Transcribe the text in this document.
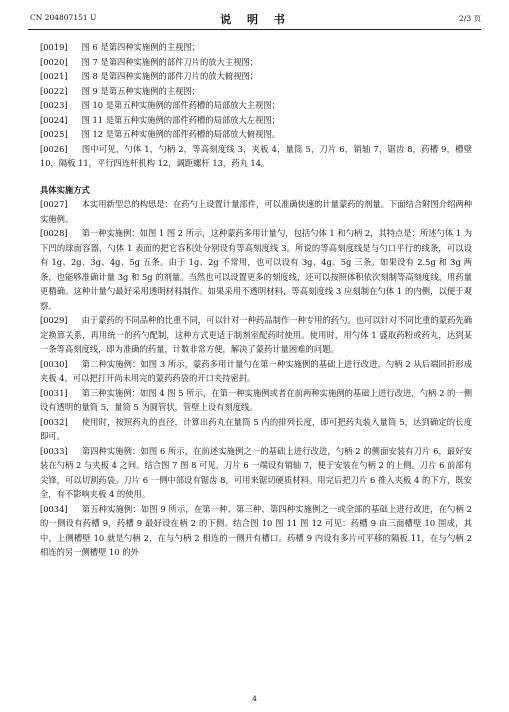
CN 204807151 U	说 明 书	2/3 页

[0019] 图 6 是第四种实施例的主视图；

[0020] 图 7 是第四种实施例的部件刀片的放大主视图；

[0021] 图 8 是第四种实施例的部件刀片的放大俯视图；

[0022] 图 9 是第五种实施例的主视图；

[0023] 图 10 是第五种实施例的部件药槽的局部放大主视图；

[0024] 图 11 是第五种实施例的部件药槽的局部放大左视图；

[0025] 图 12 是第五种实施例的部件药槽的局部放大俯视图。

[0026] 图中可见，勺体 1，勺柄 2，等高刻度线 3，夹板 4，量筒 5，刀片 6，销轴 7，锯齿 8，药槽 9，槽壁 10，隔板 11，平行四连杆机构 12，调距螺杆 13，药丸 14。

具体实施方式

[0027] 本实用新型总的构思是：在药勺上设置计量部件，可以准确快速的计量蒙药的剂量。下面结合附图介绍两种实施例。

[0028] 第一种实施例：如图 1 图 2 所示，这种蒙药多用计量勺，包括勺体 1 和勺柄 2，其特点是：所述勺体 1 为下凹的球面容器，勺体 1 表面的把它容积处分别设有等高刻度线 3。所说的等高刻度线是与勺口平行的线条，可以设有 1g、2g、3g、4g、5g 五条。由于 1g、2g 不常用，也可以设有 3g、4g、5g 三条。如果设有 2.5g 和 3g 两条，也能够准确计量 3g 和 5g 的剂量。当然也可以设置更多的刻度线，还可以按照体积依次刻制等高刻度线，用药量更精确。这种计量勺最好采用透明材料制作。如果采用不透明材料，等高刻度线 3 应刻制在勺体 1 的内侧，以便于观察。

[0029] 由于蒙药的不同品种的比重不同，可以针对一种药品制作一种专用的药勺。也可以针对不同比重的蒙药先确定换算关系，再用统一的药勺配制，这种方式更适于制剂室配药时使用。使用时，用勺体 1 盛取药粉或药丸，达到某一条等高刻度线，即为准确的药量，计数非常方便，解决了蒙药计量困难的问题。

[0030] 第二种实施例：如图 3 所示，蒙药多用计量勺在第一种实施例的基础上进行改进，勺柄 2 从后端回折形成夹板 4，可以把打开尚未用完的蒙药药袋的开口夹持密封。

[0031] 第三种实施例：如图 4 图 5 所示，在第一种实施例或者在前两种实施例的基础上进行改进，勺柄 2 的一侧设有透明的量筒 5，量筒 5 为圆管状，管壁上设有刻度线。

[0032] 使用时，按照药丸的直径，计算出药丸在量筒 5 内的排列长度，即可把药丸装入量筒 5，达到确定的长度即可。

[0033] 第四种实施例：如图 6 所示，在前述实施例之一的基础上进行改进，勺柄 2 的侧面安装有刀片 6，最好安装在勺柄 2 与夹板 4 之间。结合图 7 图 8 可见，刀片 6 一端设有销轴 7，便于安装在勺柄 2 的上侧。刀片 6 前部有尖锋，可以切割药袋。刀片 6 一侧中部设有锯齿 8，可用来锯切硬质材料。用完后把刀片 6 推入夹板 4 的下方，既安全，有不影响夹板 4 的使用。

[0034] 第五种实施例：如图 9 所示，在第一种、第三种、第四种实施例之一或全部的基础上进行改进，在勺柄 2 的一侧设有药槽 9，药槽 9 最好设在柄 2 的下侧。结合图 10 图 11 图 12 可见：药槽 9 由三面槽壁 10 围成，其中，上侧槽壁 10 就是勺柄 2，在与勺柄 2 相连的一侧开有槽口。药槽 9 内设有多片可平移的隔板 11，在与勺柄 2 相连的另一侧槽壁 10 的外

4
